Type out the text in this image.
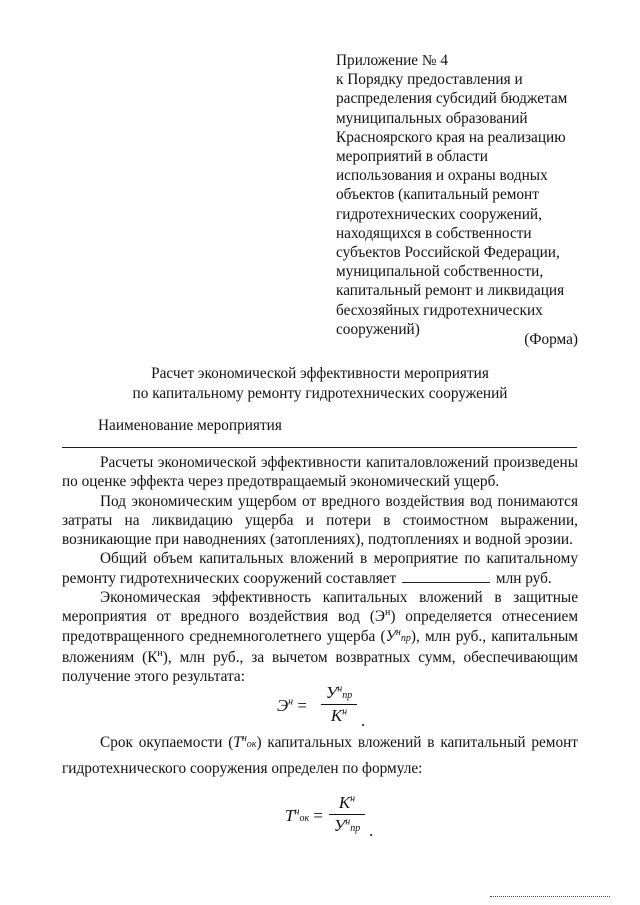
Приложение № 4
к Порядку предоставления и
распределения субсидий бюджетам
муниципальных образований
Красноярского края на реализацию
мероприятий в области
использования и охраны водных
объектов (капитальный ремонт
гидротехнических сооружений,
находящихся в собственности
субъектов Российской Федерации,
муниципальной собственности,
капитальный ремонт и ликвидация
бесхозяйных гидротехнических
сооружений)
(Форма)
Расчет экономической эффективности мероприятия
по капитальному ремонту гидротехнических сооружений
Наименование мероприятия

Расчеты экономической эффективности капиталовложений произведены по оценке эффекта через предотвращаемый экономический ущерб.

Под экономическим ущербом от вредного воздействия вод понимаются затраты на ликвидацию ущерба и потери в стоимостном выражении, возникающие при наводнениях (затоплениях), подтоплениях и водной эрозии.

Общий объем капитальных вложений в мероприятие по капитальному ремонту гидротехнических сооружений составляет	млн руб.

Экономическая эффективность капитальных вложений в защитные мероприятия от вредного воздействия вод $(Э^н)$ определяется отнесением предотвращенного среднемноголетнего ущерба $(У^нпр)$, млн руб., капитальным вложениям $(К^н)$, млн руб., за вычетом возвратных сумм, обеспечивающим получение этого результата:

$Э^н$ =
$У^нпр$
$К^н$ .
Срок окупаемости $(Т^нок)$ капитальных вложений в капитальный ремонт гидротехнического сооружения определен по формуле:
$Т^нок$ =
$К^н$
$У^нпр$ .
